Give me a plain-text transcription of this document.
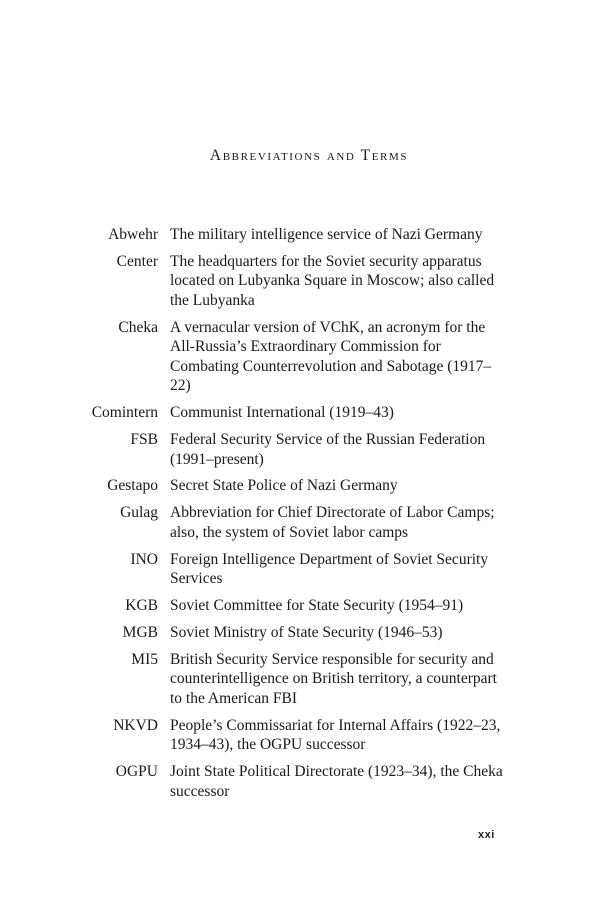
Abbreviations and Terms
Abwehr The military intelligence service of Nazi Germany
Center The headquarters for the Soviet security apparatus located on Lubyanka Square in Moscow; also called the Lubyanka
Cheka A vernacular version of VChK, an acronym for the All-Russia’s Extraordinary Commission for Combating Counterrevolution and Sabotage (1917–22)
Comintern Communist International (1919–43)
FSB Federal Security Service of the Russian Federation (1991–present)
Gestapo Secret State Police of Nazi Germany
Gulag Abbreviation for Chief Directorate of Labor Camps; also, the system of Soviet labor camps
INO Foreign Intelligence Department of Soviet Security Services
KGB Soviet Committee for State Security (1954–91)
MGB Soviet Ministry of State Security (1946–53)
MI5 British Security Service responsible for security and counterintelligence on British territory, a counterpart to the American FBI
NKVD People’s Commissariat for Internal Affairs (1922–23, 1934–43), the OGPU successor
OGPU Joint State Political Directorate (1923–34), the Cheka successor
xxi
